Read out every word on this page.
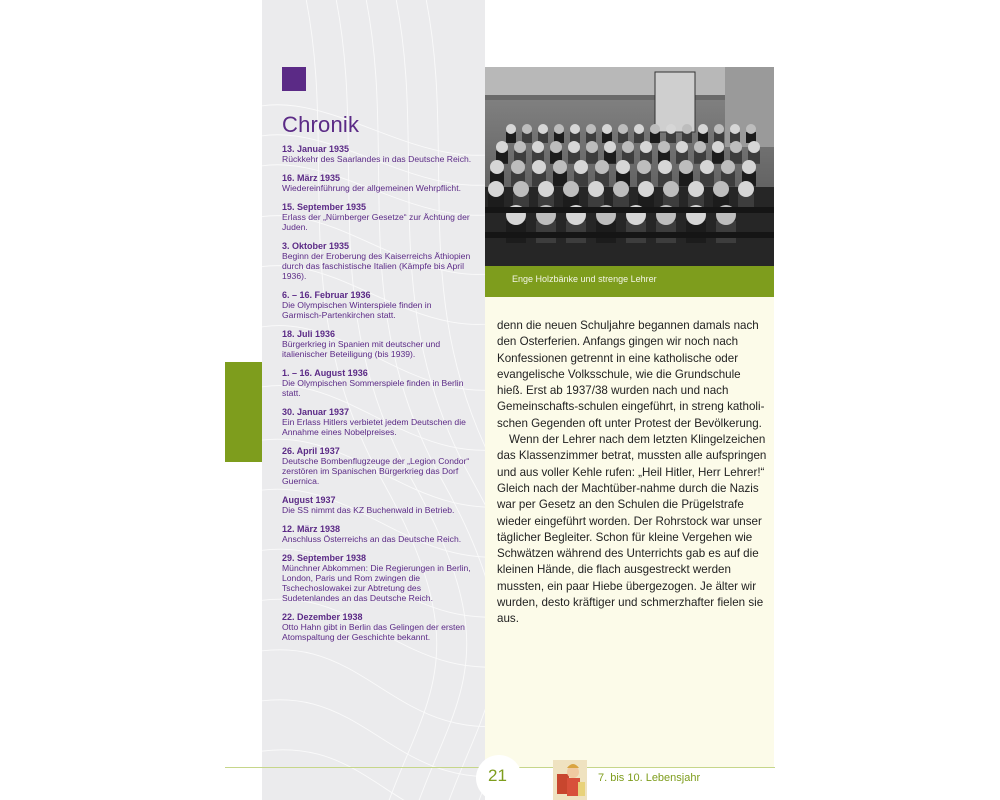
Chronik
13. Januar 1935
Rückkehr des Saarlandes in das Deutsche Reich.
16. März 1935
Wiedereinführung der allgemeinen Wehrpflicht.
15. September 1935
Erlass der „Nürnberger Gesetze“ zur Ächtung der Juden.
3. Oktober 1935
Beginn der Eroberung des Kaiserreichs Äthiopien durch das faschistische Italien (Kämpfe bis April 1936).
6. – 16. Februar 1936
Die Olympischen Winterspiele finden in Garmisch-Partenkirchen statt.
18. Juli 1936
Bürgerkrieg in Spanien mit deutscher und italienischer Beteiligung (bis 1939).
1. – 16. August 1936
Die Olympischen Sommerspiele finden in Berlin statt.
30. Januar 1937
Ein Erlass Hitlers verbietet jedem Deutschen die Annahme eines Nobelpreises.
26. April 1937
Deutsche Bombenflugzeuge der „Legion Condor“ zerstören im Spanischen Bürgerkrieg das Dorf Guernica.
August 1937
Die SS nimmt das KZ Buchenwald in Betrieb.
12. März 1938
Anschluss Österreichs an das Deutsche Reich.
29. September 1938
Münchner Abkommen: Die Regierungen in Berlin, London, Paris und Rom zwingen die Tschechoslowakei zur Abtretung des Sudetenlandes an das Deutsche Reich.
22. Dezember 1938
Otto Hahn gibt in Berlin das Gelingen der ersten Atomspaltung der Geschichte bekannt.
Enge Holzbänke und strenge Lehrer

denn die neuen Schuljahre begannen damals nach den Osterferien. Anfangs gingen wir noch nach Konfessionen getrennt in eine katholische oder evangelische Volksschule, wie die Grundschule hieß. Erst ab 1937/38 wurden nach und nach Gemeinschafts-schulen eingeführt, in streng katholi-schen Gegenden oft unter Protest der Bevölkerung.

Wenn der Lehrer nach dem letzten Klingelzeichen das Klassenzimmer betrat, mussten alle aufspringen und aus voller Kehle rufen: „Heil Hitler, Herr Lehrer!“ Gleich nach der Machtüber-nahme durch die Nazis war per Gesetz an den Schulen die Prügelstrafe wieder eingeführt worden. Der Rohrstock war unser täglicher Begleiter. Schon für kleine Vergehen wie Schwätzen während des Unterrichts gab es auf die kleinen Hände, die flach ausgestreckt werden mussten, ein paar Hiebe übergezogen. Je älter wir wurden, desto kräftiger und schmerzhafter fielen sie aus.

21	7. bis 10. Lebensjahr
